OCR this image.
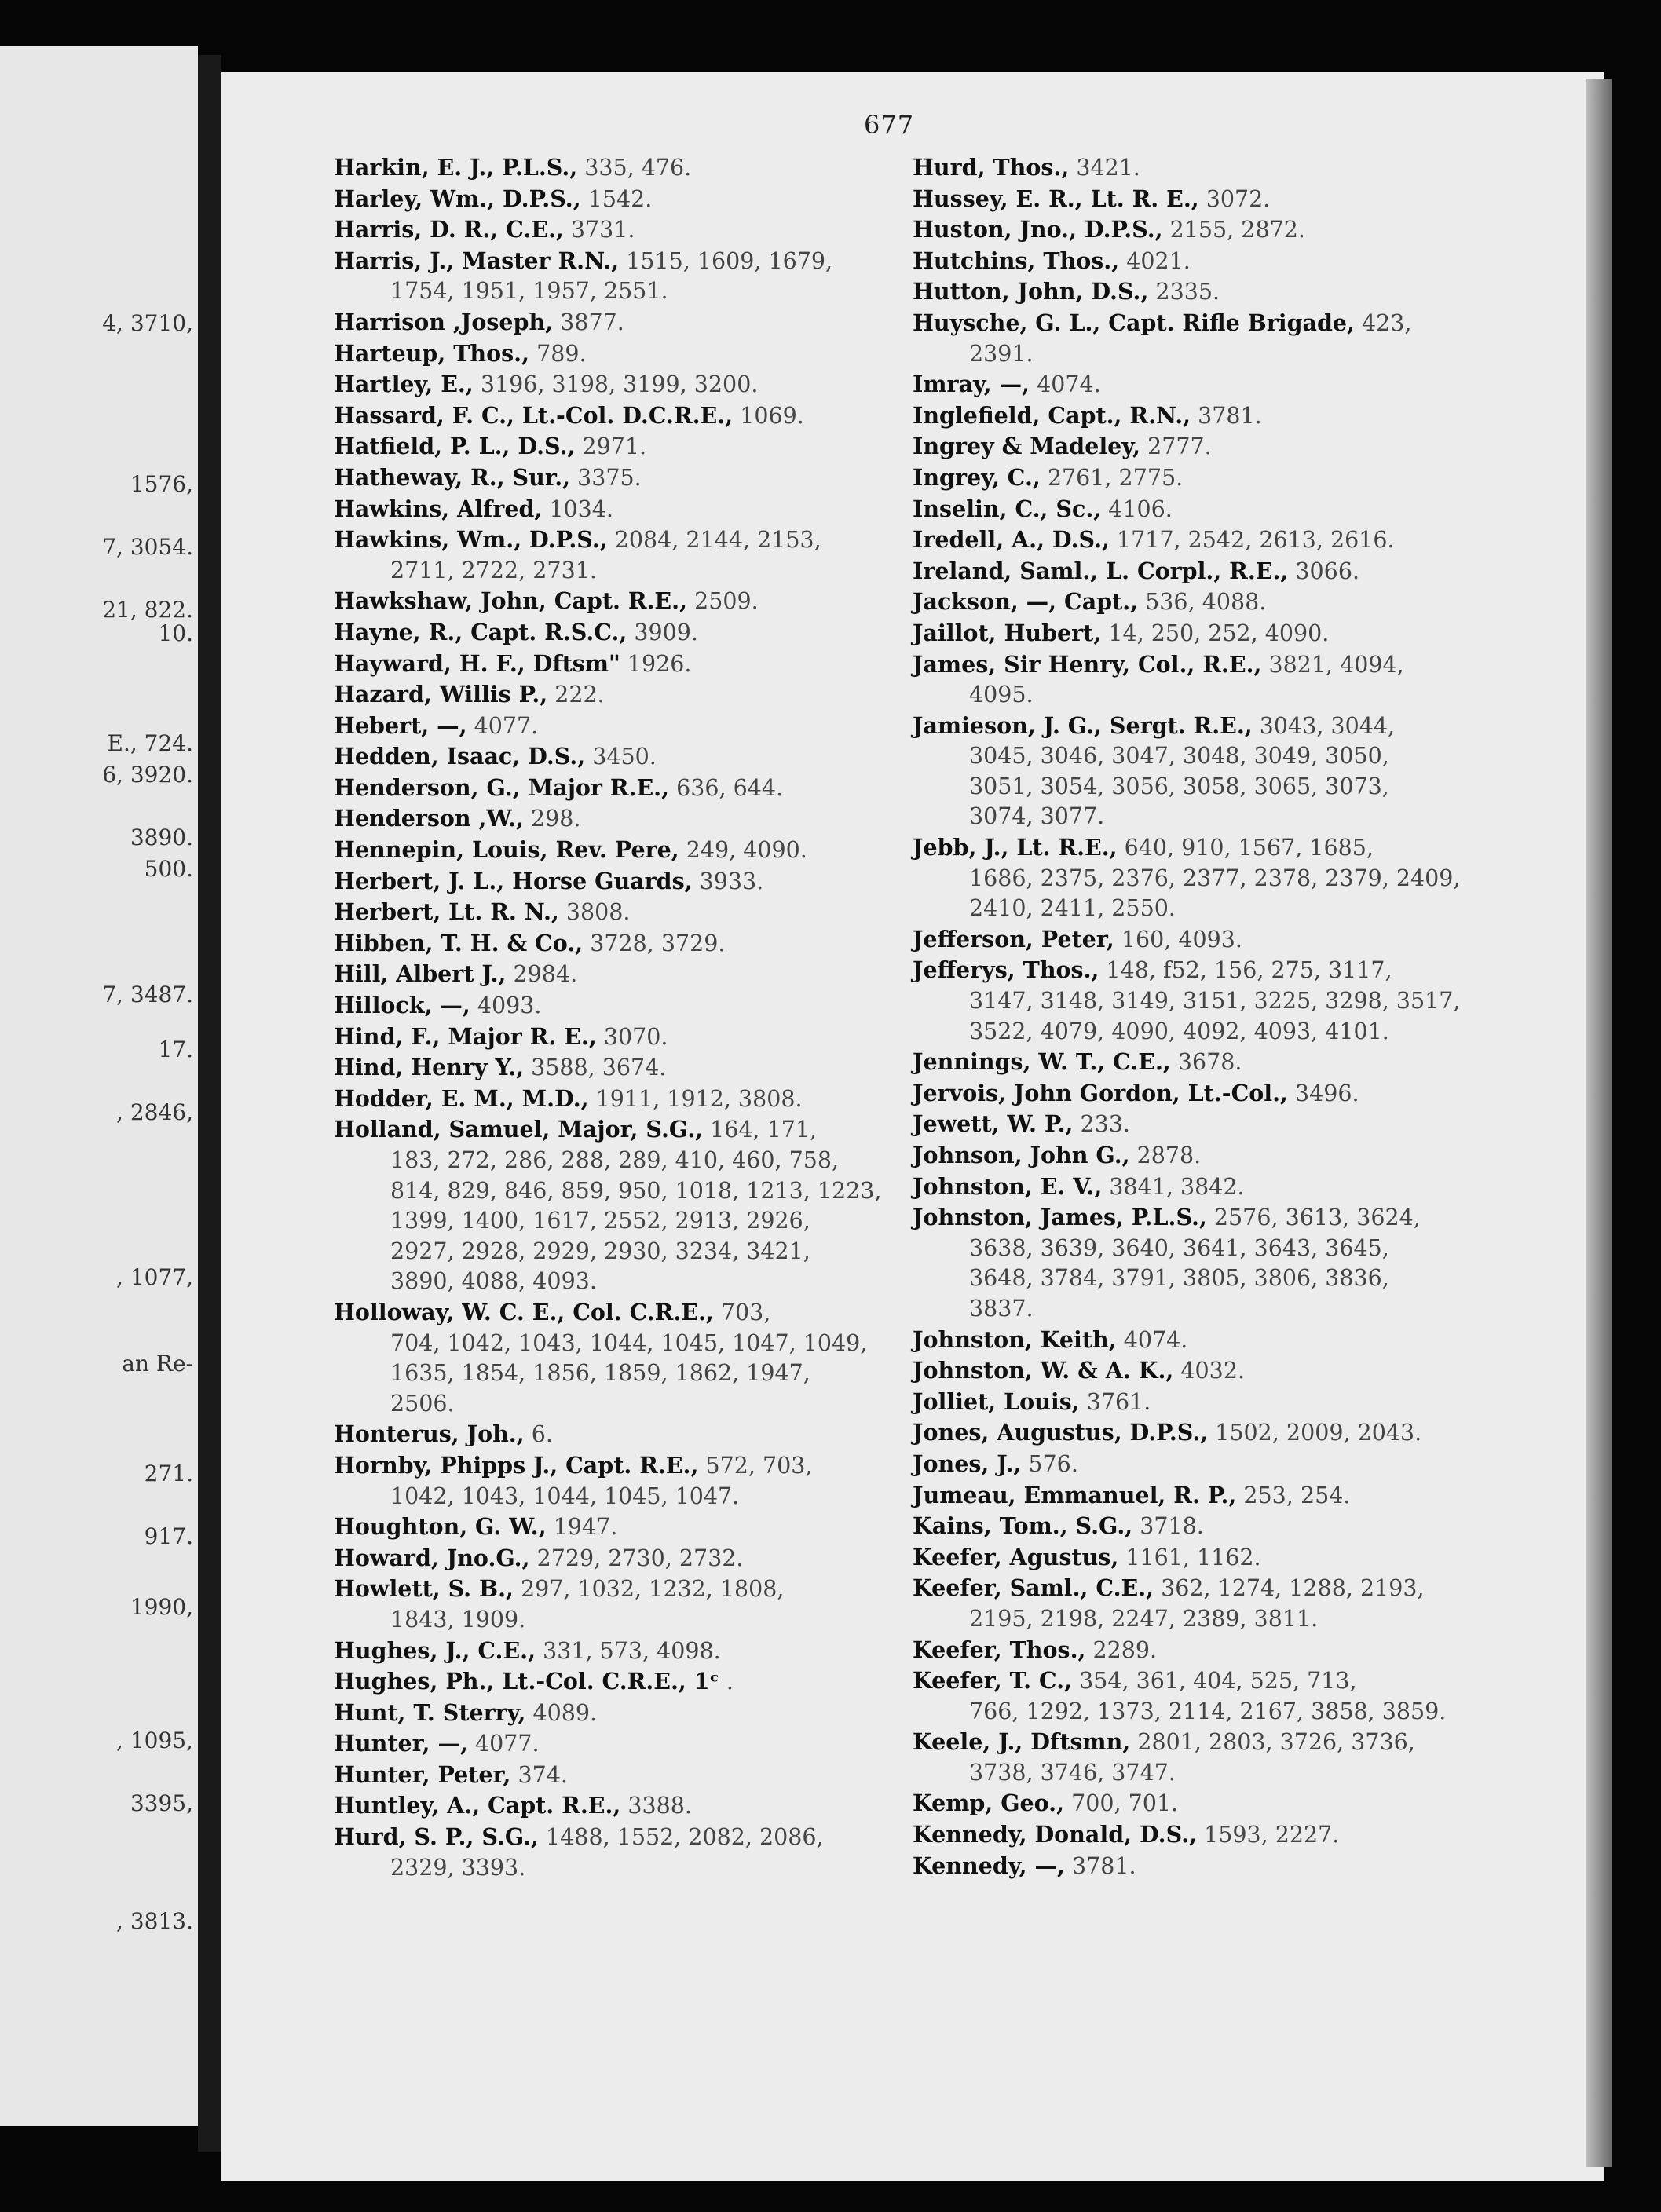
4, 3710,
1576,
7, 3054.
21, 822.
10.
E., 724.
6, 3920.
3890.
500.
7, 3487.
17.
, 2846,
, 1077,
an Re-
271.
917.
1990,
, 1095,
3395,
, 3813.
677
Harkin, E. J., P.L.S., 335, 476.
Harley, Wm., D.P.S., 1542.
Harris, D. R., C.E., 3731.
Harris, J., Master R.N., 1515, 1609, 1679,
1754, 1951, 1957, 2551.
Harrison ,Joseph, 3877.
Harteup, Thos., 789.
Hartley, E., 3196, 3198, 3199, 3200.
Hassard, F. C., Lt.-Col. D.C.R.E., 1069.
Hatfield, P. L., D.S., 2971.
Hatheway, R., Sur., 3375.
Hawkins, Alfred, 1034.
Hawkins, Wm., D.P.S., 2084, 2144, 2153,
2711, 2722, 2731.
Hawkshaw, John, Capt. R.E., 2509.
Hayne, R., Capt. R.S.C., 3909.
Hayward, H. F., Dftsm" 1926.
Hazard, Willis P., 222.
Hebert, —, 4077.
Hedden, Isaac, D.S., 3450.
Henderson, G., Major R.E., 636, 644.
Henderson ,W., 298.
Hennepin, Louis, Rev. Pere, 249, 4090.
Herbert, J. L., Horse Guards, 3933.
Herbert, Lt. R. N., 3808.
Hibben, T. H. & Co., 3728, 3729.
Hill, Albert J., 2984.
Hillock, —, 4093.
Hind, F., Major R. E., 3070.
Hind, Henry Y., 3588, 3674.
Hodder, E. M., M.D., 1911, 1912, 3808.
Holland, Samuel, Major, S.G., 164, 171,
183, 272, 286, 288, 289, 410, 460, 758,
814, 829, 846, 859, 950, 1018, 1213, 1223,
1399, 1400, 1617, 2552, 2913, 2926,
2927, 2928, 2929, 2930, 3234, 3421,
3890, 4088, 4093.
Holloway, W. C. E., Col. C.R.E., 703,
704, 1042, 1043, 1044, 1045, 1047, 1049,
1635, 1854, 1856, 1859, 1862, 1947,
2506.
Honterus, Joh., 6.
Hornby, Phipps J., Capt. R.E., 572, 703,
1042, 1043, 1044, 1045, 1047.
Houghton, G. W., 1947.
Howard, Jno.G., 2729, 2730, 2732.
Howlett, S. B., 297, 1032, 1232, 1808,
1843, 1909.
Hughes, J., C.E., 331, 573, 4098.
Hughes, Ph., Lt.-Col. C.R.E., 1ᶜ .
Hunt, T. Sterry, 4089.
Hunter, —, 4077.
Hunter, Peter, 374.
Huntley, A., Capt. R.E., 3388.
Hurd, S. P., S.G., 1488, 1552, 2082, 2086,
2329, 3393.
Hurd, Thos., 3421.
Hussey, E. R., Lt. R. E., 3072.
Huston, Jno., D.P.S., 2155, 2872.
Hutchins, Thos., 4021.
Hutton, John, D.S., 2335.
Huysche, G. L., Capt. Rifle Brigade, 423,
2391.
Imray, —, 4074.
Inglefield, Capt., R.N., 3781.
Ingrey & Madeley, 2777.
Ingrey, C., 2761, 2775.
Inselin, C., Sc., 4106.
Iredell, A., D.S., 1717, 2542, 2613, 2616.
Ireland, Saml., L. Corpl., R.E., 3066.
Jackson, —, Capt., 536, 4088.
Jaillot, Hubert, 14, 250, 252, 4090.
James, Sir Henry, Col., R.E., 3821, 4094,
4095.
Jamieson, J. G., Sergt. R.E., 3043, 3044,
3045, 3046, 3047, 3048, 3049, 3050,
3051, 3054, 3056, 3058, 3065, 3073,
3074, 3077.
Jebb, J., Lt. R.E., 640, 910, 1567, 1685,
1686, 2375, 2376, 2377, 2378, 2379, 2409,
2410, 2411, 2550.
Jefferson, Peter, 160, 4093.
Jefferys, Thos., 148, f52, 156, 275, 3117,
3147, 3148, 3149, 3151, 3225, 3298, 3517,
3522, 4079, 4090, 4092, 4093, 4101.
Jennings, W. T., C.E., 3678.
Jervois, John Gordon, Lt.-Col., 3496.
Jewett, W. P., 233.
Johnson, John G., 2878.
Johnston, E. V., 3841, 3842.
Johnston, James, P.L.S., 2576, 3613, 3624,
3638, 3639, 3640, 3641, 3643, 3645,
3648, 3784, 3791, 3805, 3806, 3836,
3837.
Johnston, Keith, 4074.
Johnston, W. & A. K., 4032.
Jolliet, Louis, 3761.
Jones, Augustus, D.P.S., 1502, 2009, 2043.
Jones, J., 576.
Jumeau, Emmanuel, R. P., 253, 254.
Kains, Tom., S.G., 3718.
Keefer, Agustus, 1161, 1162.
Keefer, Saml., C.E., 362, 1274, 1288, 2193,
2195, 2198, 2247, 2389, 3811.
Keefer, Thos., 2289.
Keefer, T. C., 354, 361, 404, 525, 713,
766, 1292, 1373, 2114, 2167, 3858, 3859.
Keele, J., Dftsmn, 2801, 2803, 3726, 3736,
3738, 3746, 3747.
Kemp, Geo., 700, 701.
Kennedy, Donald, D.S., 1593, 2227.
Kennedy, —, 3781.
